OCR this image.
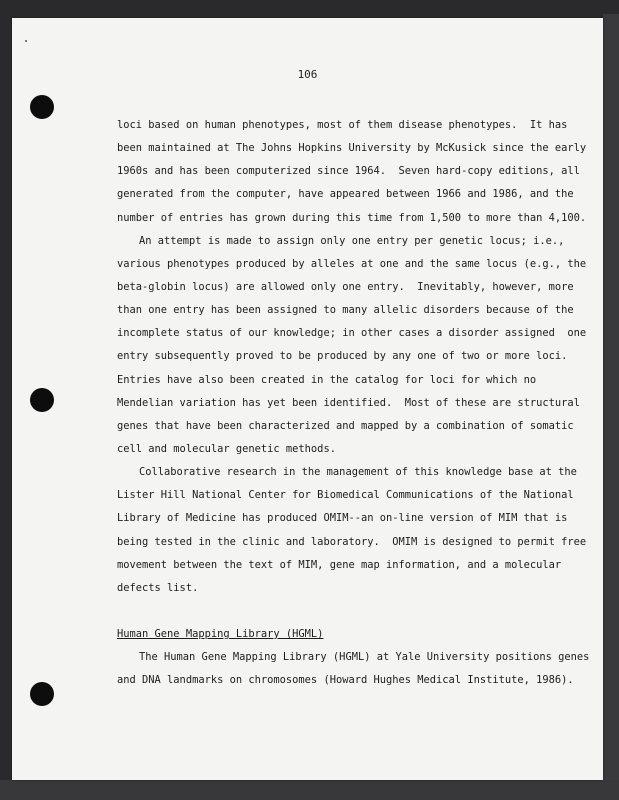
106
loci based on human phenotypes, most of them disease phenotypes.  It has
been maintained at The Johns Hopkins University by McKusick since the early
1960s and has been computerized since 1964.  Seven hard-copy editions, all
generated from the computer, have appeared between 1966 and 1986, and the
number of entries has grown during this time from 1,500 to more than 4,100.
An attempt is made to assign only one entry per genetic locus; i.e.,
various phenotypes produced by alleles at one and the same locus (e.g., the
beta-globin locus) are allowed only one entry.  Inevitably, however, more
than one entry has been assigned to many allelic disorders because of the
incomplete status of our knowledge; in other cases a disorder assigned  one
entry subsequently proved to be produced by any one of two or more loci.
Entries have also been created in the catalog for loci for which no
Mendelian variation has yet been identified.  Most of these are structural
genes that have been characterized and mapped by a combination of somatic
cell and molecular genetic methods.
Collaborative research in the management of this knowledge base at the
Lister Hill National Center for Biomedical Communications of the National
Library of Medicine has produced OMIM--an on-line version of MIM that is
being tested in the clinic and laboratory.  OMIM is designed to permit free
movement between the text of MIM, gene map information, and a molecular
defects list.
Human Gene Mapping Library (HGML)
The Human Gene Mapping Library (HGML) at Yale University positions genes
and DNA landmarks on chromosomes (Howard Hughes Medical Institute, 1986).
